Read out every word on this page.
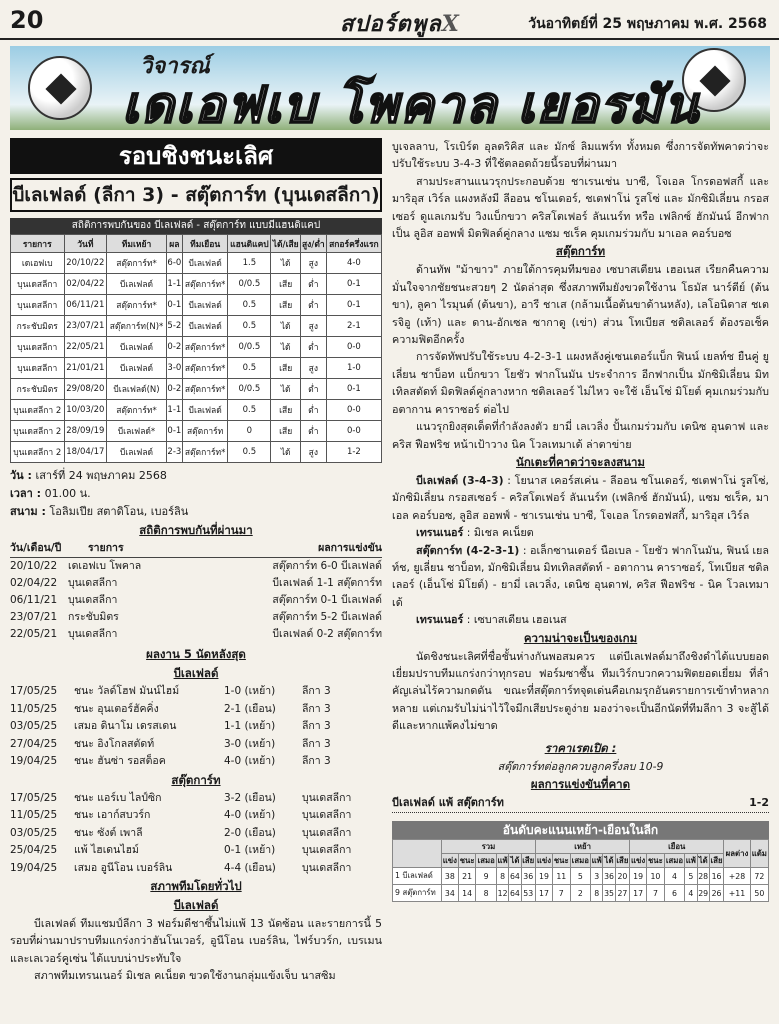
20	สปอร์ตพูลX	วันอาทิตย์ที่ 25 พฤษภาคม พ.ศ. 2568
วิจารณ์
เดเอฟเบ โพคาล เยอรมัน
รอบชิงชนะเลิศ
บีเลเฟลด์ (ลีกา 3) - สตุ๊ตการ์ท (บุนเดสลีกา)
สถิติการพบกันของ บีเลเฟลด์ - สตุ๊ตการ์ท แบบมีแฮนดิแคป
รายการ	วันที่	ทีมเหย้า	ผล	ทีมเยือน	แฮนดิแคป	ได้/เสีย	สูง/ต่ำ	สกอร์ครึ่งแรก
เดเอฟเบ	20/10/22	สตุ๊ตการ์ท*	6-0	บีเลเฟลด์	1.5	ได้	สูง	4-0
บุนเดสลีกา	02/04/22	บีเลเฟลด์	1-1	สตุ๊ตการ์ท*	0/0.5	เสีย	ต่ำ	0-1
บุนเดสลีกา	06/11/21	สตุ๊ตการ์ท*	0-1	บีเลเฟลด์	0.5	เสีย	ต่ำ	0-1
กระชับมิตร	23/07/21	สตุ๊ตการ์ท(N)*	5-2	บีเลเฟลด์	0.5	ได้	สูง	2-1
บุนเดสลีกา	22/05/21	บีเลเฟลด์	0-2	สตุ๊ตการ์ท*	0/0.5	ได้	ต่ำ	0-0
บุนเดสลีกา	21/01/21	บีเลเฟลด์	3-0	สตุ๊ตการ์ท*	0.5	เสีย	สูง	1-0
กระชับมิตร	29/08/20	บีเลเฟลด์(N)	0-2	สตุ๊ตการ์ท*	0/0.5	ได้	ต่ำ	0-1
บุนเดสลีกา 2	10/03/20	สตุ๊ตการ์ท*	1-1	บีเลเฟลด์	0.5	เสีย	ต่ำ	0-0
บุนเดสลีกา 2	28/09/19	บีเลเฟลด์*	0-1	สตุ๊ตการ์ท	0	เสีย	ต่ำ	0-0
บุนเดสลีกา 2	18/04/17	บีเลเฟลด์	2-3	สตุ๊ตการ์ท*	0.5	ได้	สูง	1-2
วัน : เสาร์ที่ 24 พฤษภาคม 2568
เวลา : 01.00 น.
สนาม : โอลิมเปีย สตาดิโอน, เบอร์ลิน
สถิติการพบกันที่ผ่านมา
วัน/เดือน/ปี	รายการ	ผลการแข่งขัน
20/10/22	เดเอฟเบ โพคาล	สตุ๊ตการ์ท 6-0 บีเลเฟลด์
02/04/22	บุนเดสลีกา	บีเลเฟลด์ 1-1 สตุ๊ตการ์ท
06/11/21	บุนเดสลีกา	สตุ๊ตการ์ท 0-1 บีเลเฟลด์
23/07/21	กระชับมิตร	สตุ๊ตการ์ท 5-2 บีเลเฟลด์
22/05/21	บุนเดสลีกา	บีเลเฟลด์ 0-2 สตุ๊ตการ์ท
ผลงาน 5 นัดหลังสุด
บีเลเฟลด์
17/05/25	ชนะ วัลด์โฮฟ มันน์ไฮม์	1-0 (เหย้า)	ลีกา 3
11/05/25	ชนะ อุนเตอร์ฮัคคิ่ง	2-1 (เยือน)	ลีกา 3
03/05/25	เสมอ ดินาโม เดรสเดน	1-1 (เหย้า)	ลีกา 3
27/04/25	ชนะ อิงโกลสตัดท์	3-0 (เหย้า)	ลีกา 3
19/04/25	ชนะ ฮันซ่า รอสต็อค	4-0 (เหย้า)	ลีกา 3
สตุ๊ตการ์ท
17/05/25	ชนะ แอร์เบ ไลป์ซิก	3-2 (เยือน)	บุนเดสลีกา
11/05/25	ชนะ เอาก์สบวร์ก	4-0 (เหย้า)	บุนเดสลีกา
03/05/25	ชนะ ซังต์ เพาลี	2-0 (เยือน)	บุนเดสลีกา
25/04/25	แพ้ ไฮเดนไฮม์	0-1 (เหย้า)	บุนเดสลีกา
19/04/25	เสมอ อูนีโอน เบอร์ลิน	4-4 (เยือน)	บุนเดสลีกา
สภาพทีมโดยทั่วไป
บีเลเฟลด์
บีเลเฟลด์ ทีมแชมป์ลีกา 3 ฟอร์มดีชาซึ้นไม่แพ้ 13 นัดซ้อน และรายการนี้ 5 รอบที่ผ่านมาปราบทีมแกร่งกว่าฮันโนเวอร์, อูนีโอน เบอร์ลิน, ไฟร์บวร์ก, เบรเมน และเลเวอร์คูเซ่น ได้แบบน่าประทับใจ
สภาพทีมเทรนเนอร์ มิเชล คเน็ยต ขวดใช้งานกลุ่มแข้งเจ็บ นาสซิม
บูเจลลาบ, โรเบิร์ต อุลตริคิส และ มักซ์ ลิมแพร์ท ทั้งหมด ซึ่งการจัดทัพคาดว่าจะปรับใช้ระบบ 3-4-3 ที่ใช้ตลอดถ้วยนี้รอบที่ผ่านมา
สามประสานแนวรุกประกอบด้วย ชาเรนเช่น บาซี, โจเอล โกรดอฟสกี้ และ มาริอุส เวิร์ล แผงหลังมี ลีออน ชโนเดอร์, ชเตฟาโน่ รูสโซ่ และ มักซิมิเลี่ยน กรอสเซอร์ ดูแลเกมรับ วิงแบ็กขวา คริสโตเฟอร์ ลันเนร์ท หรือ เฟลิกซ์ ฮักมันน์ อีกฟากเป็น ลูอิส ออพฟ์ มิดฟิลด์คู่กลาง แซม ชเร็ค คุมเกมร่วมกับ มาเอล คอร์บอซ
สตุ๊ตการ์ท
ด้านทัพ "ม้าขาว" ภายใต้การคุมทีมของ เซบาสเตียน เฮอเนส เรียกคืนความมั่นใจจากชัยชนะสวยๆ 2 นัดล่าสุด ซึ่งสภาพทีมยังขวดใช้งาน โธมัส นาร์ตีย์ (ต้นขา), ลูคา ไรมุนต์ (ต้นขา), อารี ชาเส (กล้ามเนื้อต้นขาด้านหลัง), เลโอนิดาส ชเตรจิอู (เท้า) และ ดาน-อักเซล ซากาดู (เข่า) ส่วน โทเบียส ชติลเลอร์ ต้องรอเช็คความฟิตอีกครั้ง
การจัดทัพปรับใช้ระบบ 4-2-3-1 แผงหลังคู่เซนเตอร์แบ็ก ฟินน์ เยลท์ช ยืนคู่ ยูเลี่ยน ชาบ็อท แบ็กขวา โยชัว ฟากโนมัน ประจำการ อีกฟากเป็น มักซิมิเลี่ยน มิทเทิลสตัดท์ มิดฟิลด์คู่กลางหาก ชติลเลอร์ ไม่ไหว จะใช้ เอ็นโซ่ มิโยต์ คุมเกมร่วมกับ อตากาน คาราซอร์ ต่อไป
แนวรุกยิงสุดเด็ดที่กำลังลงตัว ยามี่ เลเวลิ่ง ปั้นเกมร่วมกับ เดนิซ อุนดาฟ และ คริส ฟือฟริช หน้าเป้าวาง นิค โวลเทมาเด้ ล่าตาข่าย
นักเตะที่คาดว่าจะลงสนาม
บีเลเฟลด์ (3-4-3) : โยนาส เคอร์สเค่น - ลีออน ชโนเดอร์, ชเตฟาโน่ รูสโซ่, มักซิมิเลี่ยน กรอสเซอร์ - คริสโตเฟอร์ ลันเนร์ท (เฟลิกซ์ ฮักมันน์), แซม ชเร็ค, มาเอล คอร์บอซ, ลูอิส ออพฟ์ - ชาเรนเช่น บาซี, โจเอล โกรดอฟสกี้, มาริอุส เวิร์ล
เทรนเนอร์ : มิเชล คเน็ยต
สตุ๊ตการ์ท (4-2-3-1) : อเล็กซานเดอร์ นือเบล - โยชัว ฟากโนมัน, ฟินน์ เยลท์ช, ยูเลี่ยน ชาบ็อท, มักซิมิเลี่ยน มิทเทิลสตัดท์ - อตากาน คาราซอร์, โทเบียส ชติลเลอร์ (เอ็นโซ่ มิโยต์) - ยามี่ เลเวลิ่ง, เดนิซ อุนดาฟ, คริส ฟือฟริช - นิค โวลเทมาเด้
เทรนเนอร์ : เซบาสเตียน เฮอเนส
ความน่าจะเป็นของเกม
นัดชิงชนะเลิศที่ชื่อชั้นห่างกันพอสมควร แต่บีเลเฟลด์มาถึงชิงดำได้แบบยอดเยี่ยมปราบทีมแกร่งกว่าทุกรอบ ฟอร์มซาซึ้น ทีมเวิร์กบวกความฟิตยอดเยี่ยม ที่ลำคัญเล่นไร้ความกดดัน ขณะที่สตุ๊ตการ์ทจุดเด่นคือเกมรุกอันตรายการเข้าทำหลากหลาย แต่เกมรับไม่น่าไว้ใจมีกเสียประตูง่าย มองว่าจะเป็นอีกนัดที่ทีมลีกา 3 จะสู้ได้ดีและหากแพ้คงไม่ขาด
ราคาเรตเปิด :
สตุ๊ตการ์ทต่อลูกควบลูกครึ่งลบ 10-9
ผลการแข่งขันที่คาด
บีเลเฟลด์ แพ้ สตุ๊ตการ์ท	1-2
อันดับคะแนนเหย้า-เยือนในลีก
	รวม						เหย้า						เยือน						ผลต่าง	แต้ม
	แข่ง	ชนะ	เสมอ	แพ้	ได้	เสีย	แข่ง	ชนะ	เสมอ	แพ้	ได้	เสีย	แข่ง	ชนะ	เสมอ	แพ้	ได้	เสีย		
1 บีเลเฟลด์	38	21	9	8	64	36	19	11	5	3	36	20	19	10	4	5	28	16	+28	72
9 สตุ๊ตการ์ท	34	14	8	12	64	53	17	7	2	8	35	27	17	7	6	4	29	26	+11	50
